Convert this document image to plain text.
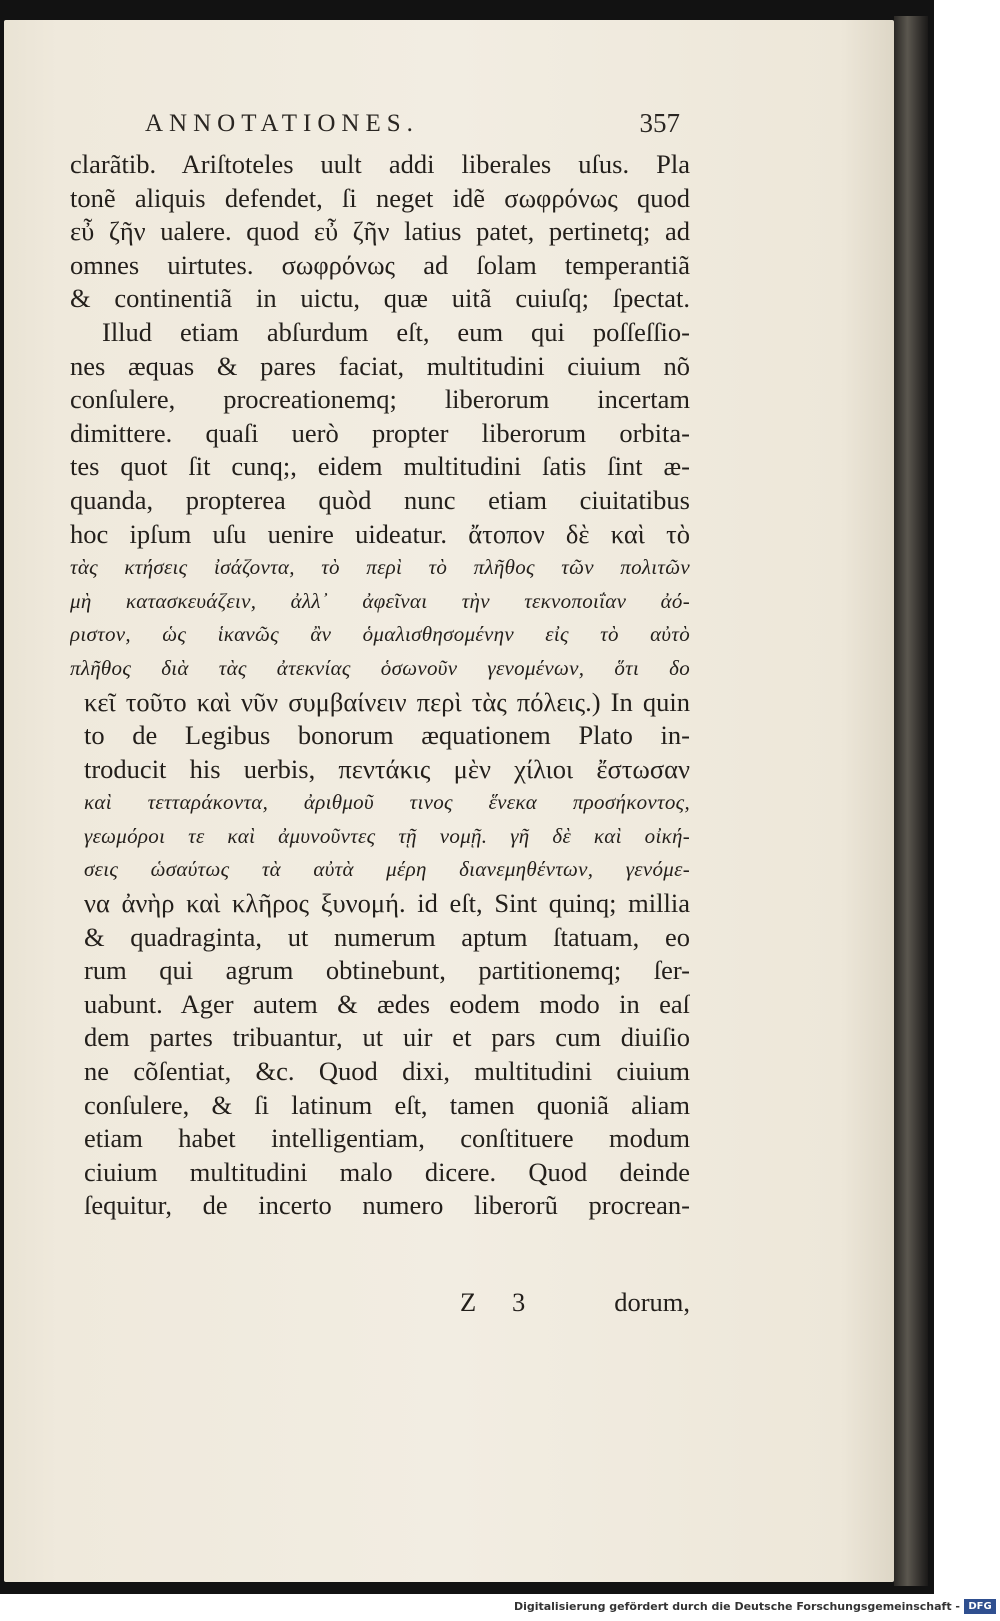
ANNOTATIONES.	357
clarãtib. Ariſtoteles uult addi liberales uſus. Pla
tonẽ aliquis defendet, ſi neget idẽ σωφρόνως quod
εὖ ζῆν ualere. quod εὖ ζῆν latius patet, pertinetq; ad
omnes uirtutes. σωφρόνως ad ſolam temperantiã
& continentiã in uictu, quæ uitã cuiuſq; ſpectat.
Illud etiam abſurdum eſt, eum qui poſſeſſio-
nes æquas & pares faciat, multitudini ciuium nõ
conſulere, procreationemq; liberorum incertam
dimittere. quaſi uerò propter liberorum orbita-
tes quot ſit cunq;, eidem multitudini ſatis ſint æ-
quanda, propterea quòd nunc etiam ciuitatibus
hoc ipſum uſu uenire uideatur. ἄτοπον δὲ καὶ τὸ
τὰς κτήσεις ἰσάζοντα, τὸ περὶ τὸ πλῆθος τῶν πολιτῶν
μὴ κατασκευάζειν, ἀλλ᾽ ἀφεῖναι τὴν τεκνοποιΐαν ἀό-
ριστον, ὡς ἱκανῶς ἂν ὁμαλισθησομένην εἰς τὸ αὐτὸ
πλῆθος διὰ τὰς ἀτεκνίας ὁσωνοῦν γενομένων, ὅτι δο
κεῖ τοῦτο καὶ νῦν συμβαίνειν περὶ τὰς πόλεις.) In quin
to de Legibus bonorum æquationem Plato in-
troducit his uerbis, πεντάκις μὲν χίλιοι ἔστωσαν
καὶ τετταράκοντα, ἀριθμοῦ τινος ἕνεκα προσήκοντος,
γεωμόροι τε καὶ ἀμυνοῦντες τῇ νομῇ. γῆ δὲ καὶ οἰκή-
σεις ὡσαύτως τὰ αὐτὰ μέρη διανεμηθέντων, γενόμε-
να ἀνὴρ καὶ κλῆρος ξυνομή. id eſt, Sint quinq; millia
& quadraginta, ut numerum aptum ſtatuam, eo
rum qui agrum obtinebunt, partitionemq; ſer-
uabunt. Ager autem & ædes eodem modo in eaſ
dem partes tribuantur, ut uir et pars cum diuiſio
ne cõſentiat, &c. Quod dixi, multitudini ciuium
conſulere, & ſi latinum eſt, tamen quoniã aliam
etiam habet intelligentiam, conſtituere modum
ciuium multitudini malo dicere. Quod deinde
ſequitur, de incerto numero liberorũ procrean-
Z 3	dorum,
Digitalisierung gefördert durch die Deutsche Forschungsgemeinschaft - DFG
